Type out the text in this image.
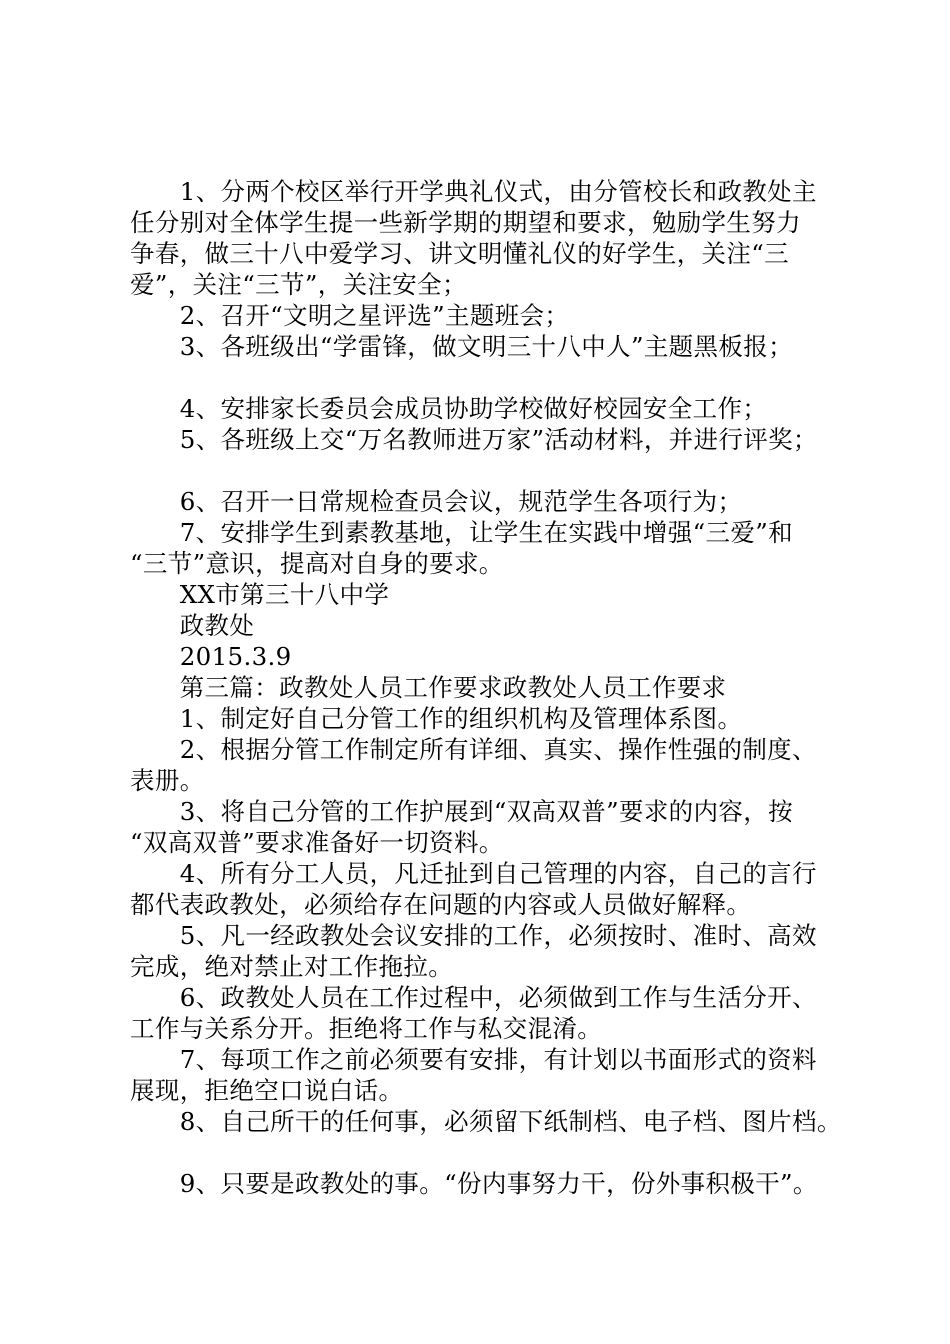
　　1、分两个校区举行开学典礼仪式，由分管校长和政教处主
任分别对全体学生提一些新学期的期望和要求，勉励学生努力
争春，做三十八中爱学习、讲文明懂礼仪的好学生，关注“三
爱”，关注“三节”，关注安全；
　　2、召开“文明之星评选”主题班会；
　　3、各班级出“学雷锋，做文明三十八中人”主题黑板报；
　　4、安排家长委员会成员协助学校做好校园安全工作；
　　5、各班级上交“万名教师进万家”活动材料，并进行评奖；
　　6、召开一日常规检查员会议，规范学生各项行为；
　　7、安排学生到素教基地，让学生在实践中增强“三爱”和
“三节”意识，提高对自身的要求。
　　XX市第三十八中学
　　政教处
　　2015.3.9
　　第三篇：政教处人员工作要求政教处人员工作要求
　　1、制定好自己分管工作的组织机构及管理体系图。
　　2、根据分管工作制定所有详细、真实、操作性强的制度、
表册。
　　3、将自己分管的工作护展到“双高双普”要求的内容，按
“双高双普”要求准备好一切资料。
　　4、所有分工人员，凡迁扯到自己管理的内容，自己的言行
都代表政教处，必须给存在问题的内容或人员做好解释。
　　5、凡一经政教处会议安排的工作，必须按时、准时、高效
完成，绝对禁止对工作拖拉。
　　6、政教处人员在工作过程中，必须做到工作与生活分开、
工作与关系分开。拒绝将工作与私交混淆。
　　7、每项工作之前必须要有安排，有计划以书面形式的资料
展现，拒绝空口说白话。
　　8、自己所干的任何事，必须留下纸制档、电子档、图片档。
　　9、只要是政教处的事。“份内事努力干，份外事积极干”。
